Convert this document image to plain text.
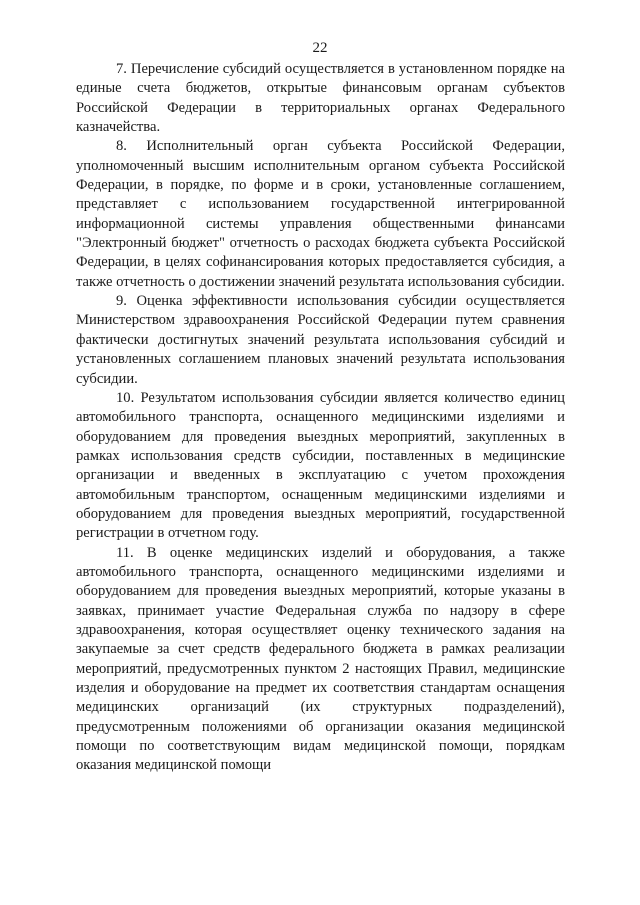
22

7. Перечисление субсидий осуществляется в установленном порядке на единые счета бюджетов, открытые финансовым органам субъектов Российской Федерации в территориальных органах Федерального казначейства.

8. Исполнительный орган субъекта Российской Федерации, уполномоченный высшим исполнительным органом субъекта Российской Федерации, в порядке, по форме и в сроки, установленные соглашением, представляет с использованием государственной интегрированной информационной системы управления общественными финансами "Электронный бюджет" отчетность о расходах бюджета субъекта Российской Федерации, в целях софинансирования которых предоставляется субсидия, а также отчетность о достижении значений результата использования субсидии.

9. Оценка эффективности использования субсидии осуществляется Министерством здравоохранения Российской Федерации путем сравнения фактически достигнутых значений результата использования субсидий и установленных соглашением плановых значений результата использования субсидии.

10. Результатом использования субсидии является количество единиц автомобильного транспорта, оснащенного медицинскими изделиями и оборудованием для проведения выездных мероприятий, закупленных в рамках использования средств субсидии, поставленных в медицинские организации и введенных в эксплуатацию с учетом прохождения автомобильным транспортом, оснащенным медицинскими изделиями и оборудованием для проведения выездных мероприятий, государственной регистрации в отчетном году.

11. В оценке медицинских изделий и оборудования, а также автомобильного транспорта, оснащенного медицинскими изделиями и оборудованием для проведения выездных мероприятий, которые указаны в заявках, принимает участие Федеральная служба по надзору в сфере здравоохранения, которая осуществляет оценку технического задания на закупаемые за счет средств федерального бюджета в рамках реализации мероприятий, предусмотренных пунктом 2 настоящих Правил, медицинские изделия и оборудование на предмет их соответствия стандартам оснащения медицинских организаций (их структурных подразделений), предусмотренным положениями об организации оказания медицинской помощи по соответствующим видам медицинской помощи, порядкам оказания медицинской помощи
